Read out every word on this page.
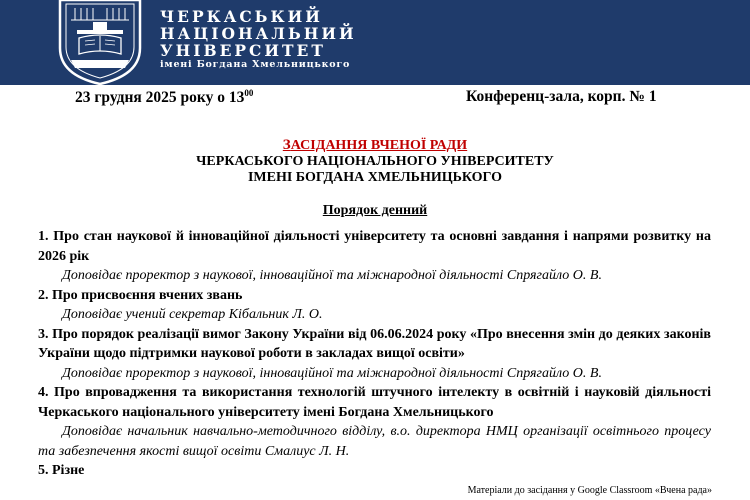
ЧЕРКАСЬКИЙ
НАЦІОНАЛЬНИЙ
УНІВЕРСИТЕТ
імені Богдана Хмельницького
23 грудня 2025 року о $13^{00}$	Конференц-зала, корп. № 1
ЗАСІДАННЯ ВЧЕНОЇ РАДИ
ЧЕРКАСЬКОГО НАЦІОНАЛЬНОГО УНІВЕРСИТЕТУ
ІМЕНІ БОГДАНА ХМЕЛЬНИЦЬКОГО
Порядок денний

1. Про стан наукової й інноваційної діяльності університету та основні завдання і напрями розвитку на 2026 рік

Доповідає проректор з наукової, інноваційної та міжнародної діяльності Спрягайло О. В.

2. Про присвоєння вчених звань

Доповідає учений секретар Кібальник Л. О.

3. Про порядок реалізації вимог Закону України від 06.06.2024 року «Про внесення змін до деяких законів України щодо підтримки наукової роботи в закладах вищої освіти»

Доповідає проректор з наукової, інноваційної та міжнародної діяльності Спрягайло О. В.

4. Про впровадження та використання технологій штучного інтелекту в освітній і науковій діяльності Черкаського національного університету імені Богдана Хмельницького

Доповідає начальник навчально-методичного відділу, в.о. директора НМЦ організації освітнього процесу та забезпечення якості вищої освіти Смалиус Л. Н.

5. Різне

Матеріали до засідання у Google Classroom «Вчена рада»
